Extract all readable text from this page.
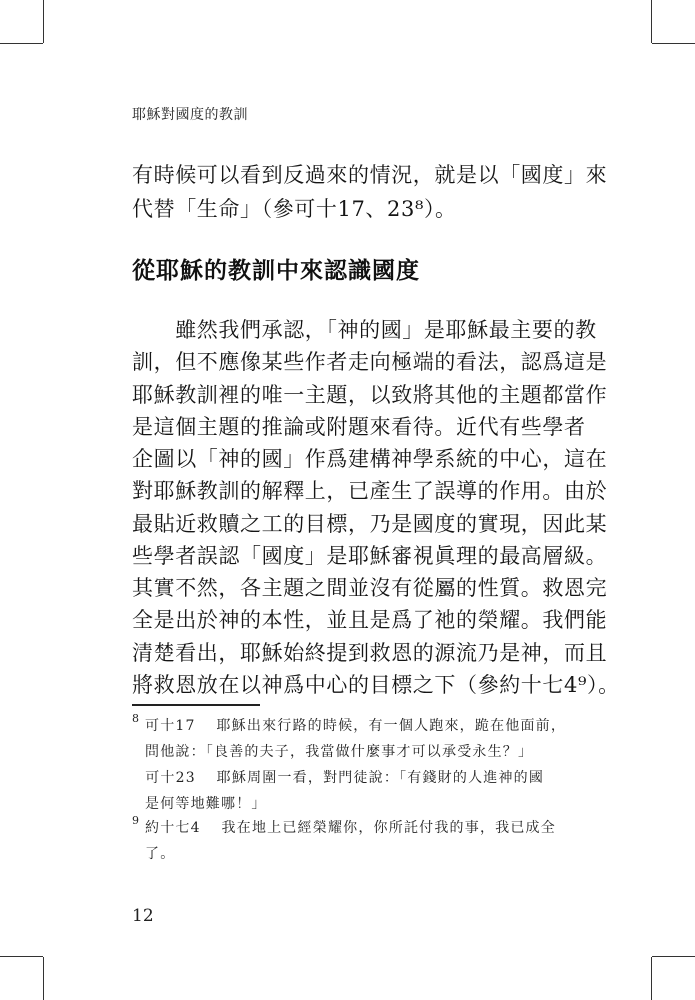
耶穌對國度的教訓
有時候可以看到反過來的情況，就是以「國度」來
代替「生命」（參可十17、23⁸）。
從耶穌的教訓中來認識國度
　　雖然我們承認，「神的國」是耶穌最主要的教
訓，但不應像某些作者走向極端的看法，認爲這是
耶穌教訓裡的唯一主題，以致將其他的主題都當作
是這個主題的推論或附題來看待。近代有些學者
企圖以「神的國」作爲建構神學系統的中心，這在
對耶穌教訓的解釋上，已產生了誤導的作用。由於
最貼近救贖之工的目標，乃是國度的實現，因此某
些學者誤認「國度」是耶穌審視眞理的最高層級。
其實不然，各主題之間並沒有從屬的性質。救恩完
全是出於神的本性，並且是爲了祂的榮耀。我們能
清楚看出，耶穌始終提到救恩的源流乃是神，而且
將救恩放在以神爲中心的目標之下（參約十七4⁹）。
8 可十17　 耶穌出來行路的時候，有一個人跑來，跪在他面前，
問他說：「良善的夫子，我當做什麼事才可以承受永生？」
　可十23　 耶穌周圍一看，對門徒說：「有錢財的人進神的國
是何等地難哪！」
9 約十七4　 我在地上已經榮耀你，你所託付我的事，我已成全
了。
12
